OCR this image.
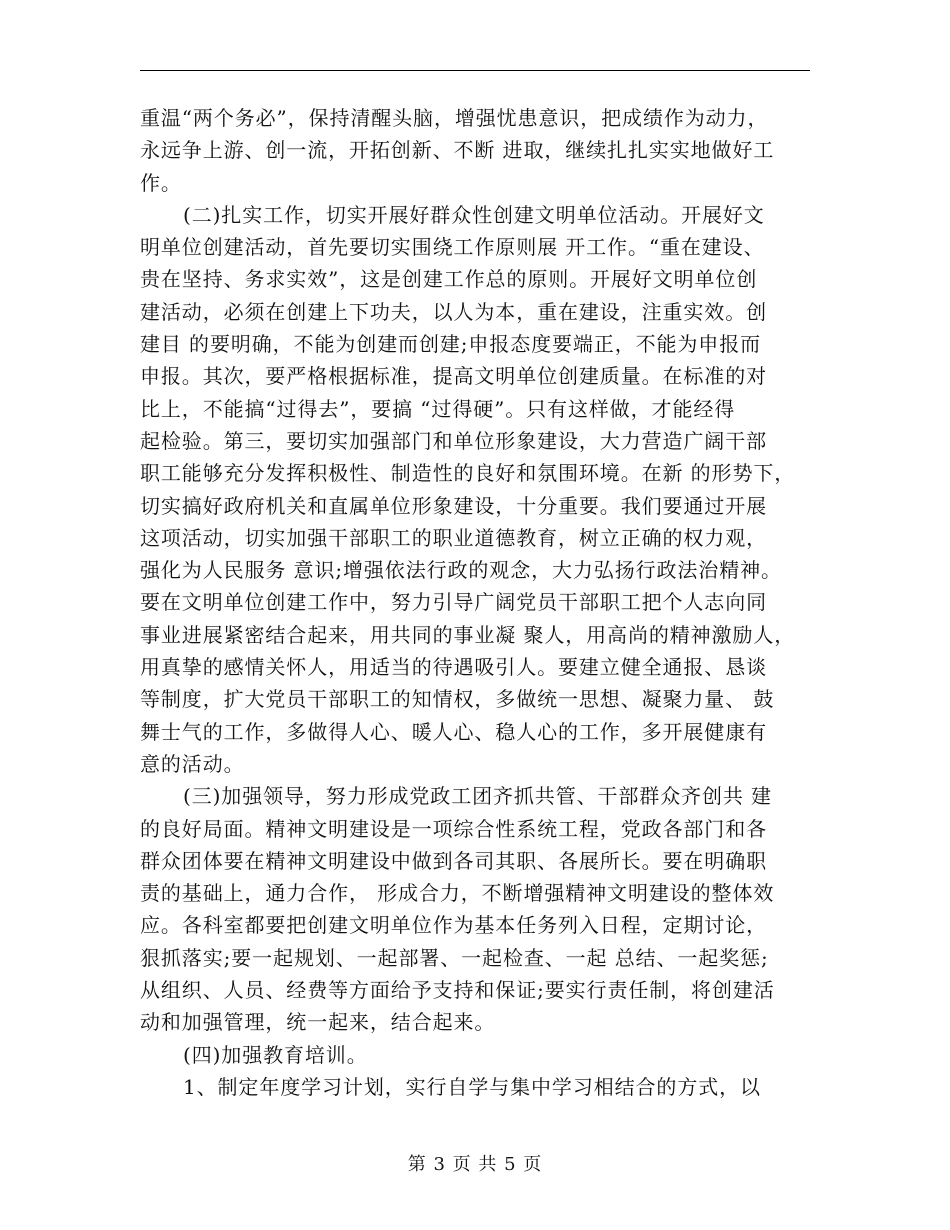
重温“两个务必”，保持清醒头脑，增强忧患意识，把成绩作为动力，
永远争上游、创一流，开拓创新、不断 进取，继续扎扎实实地做好工
作。
(二)扎实工作，切实开展好群众性创建文明单位活动。开展好文
明单位创建活动，首先要切实围绕工作原则展 开工作。“重在建设、
贵在坚持、务求实效”，这是创建工作总的原则。开展好文明单位创
建活动，必须在创建上下功夫，以人为本，重在建设，注重实效。创
建目 的要明确，不能为创建而创建;申报态度要端正，不能为申报而
申报。其次，要严格根据标准，提高文明单位创建质量。在标准的对
比上，不能搞“过得去”，要搞 “过得硬”。只有这样做，才能经得
起检验。第三，要切实加强部门和单位形象建设，大力营造广阔干部
职工能够充分发挥积极性、制造性的良好和氛围环境。在新 的形势下，
切实搞好政府机关和直属单位形象建设，十分重要。我们要通过开展
这项活动，切实加强干部职工的职业道德教育，树立正确的权力观，
强化为人民服务 意识;增强依法行政的观念，大力弘扬行政法治精神。
要在文明单位创建工作中，努力引导广阔党员干部职工把个人志向同
事业进展紧密结合起来，用共同的事业凝 聚人，用高尚的精神激励人，
用真挚的感情关怀人，用适当的待遇吸引人。要建立健全通报、恳谈
等制度，扩大党员干部职工的知情权，多做统一思想、凝聚力量、 鼓
舞士气的工作，多做得人心、暖人心、稳人心的工作，多开展健康有
意的活动。
(三)加强领导，努力形成党政工团齐抓共管、干部群众齐创共 建
的良好局面。精神文明建设是一项综合性系统工程，党政各部门和各
群众团体要在精神文明建设中做到各司其职、各展所长。要在明确职
责的基础上，通力合作， 形成合力，不断增强精神文明建设的整体效
应。各科室都要把创建文明单位作为基本任务列入日程，定期讨论，
狠抓落实;要一起规划、一起部署、一起检查、一起 总结、一起奖惩;
从组织、人员、经费等方面给予支持和保证;要实行责任制，将创建活
动和加强管理，统一起来，结合起来。
(四)加强教育培训。
1、制定年度学习计划，实行自学与集中学习相结合的方式，以
第 3 页 共 5 页
